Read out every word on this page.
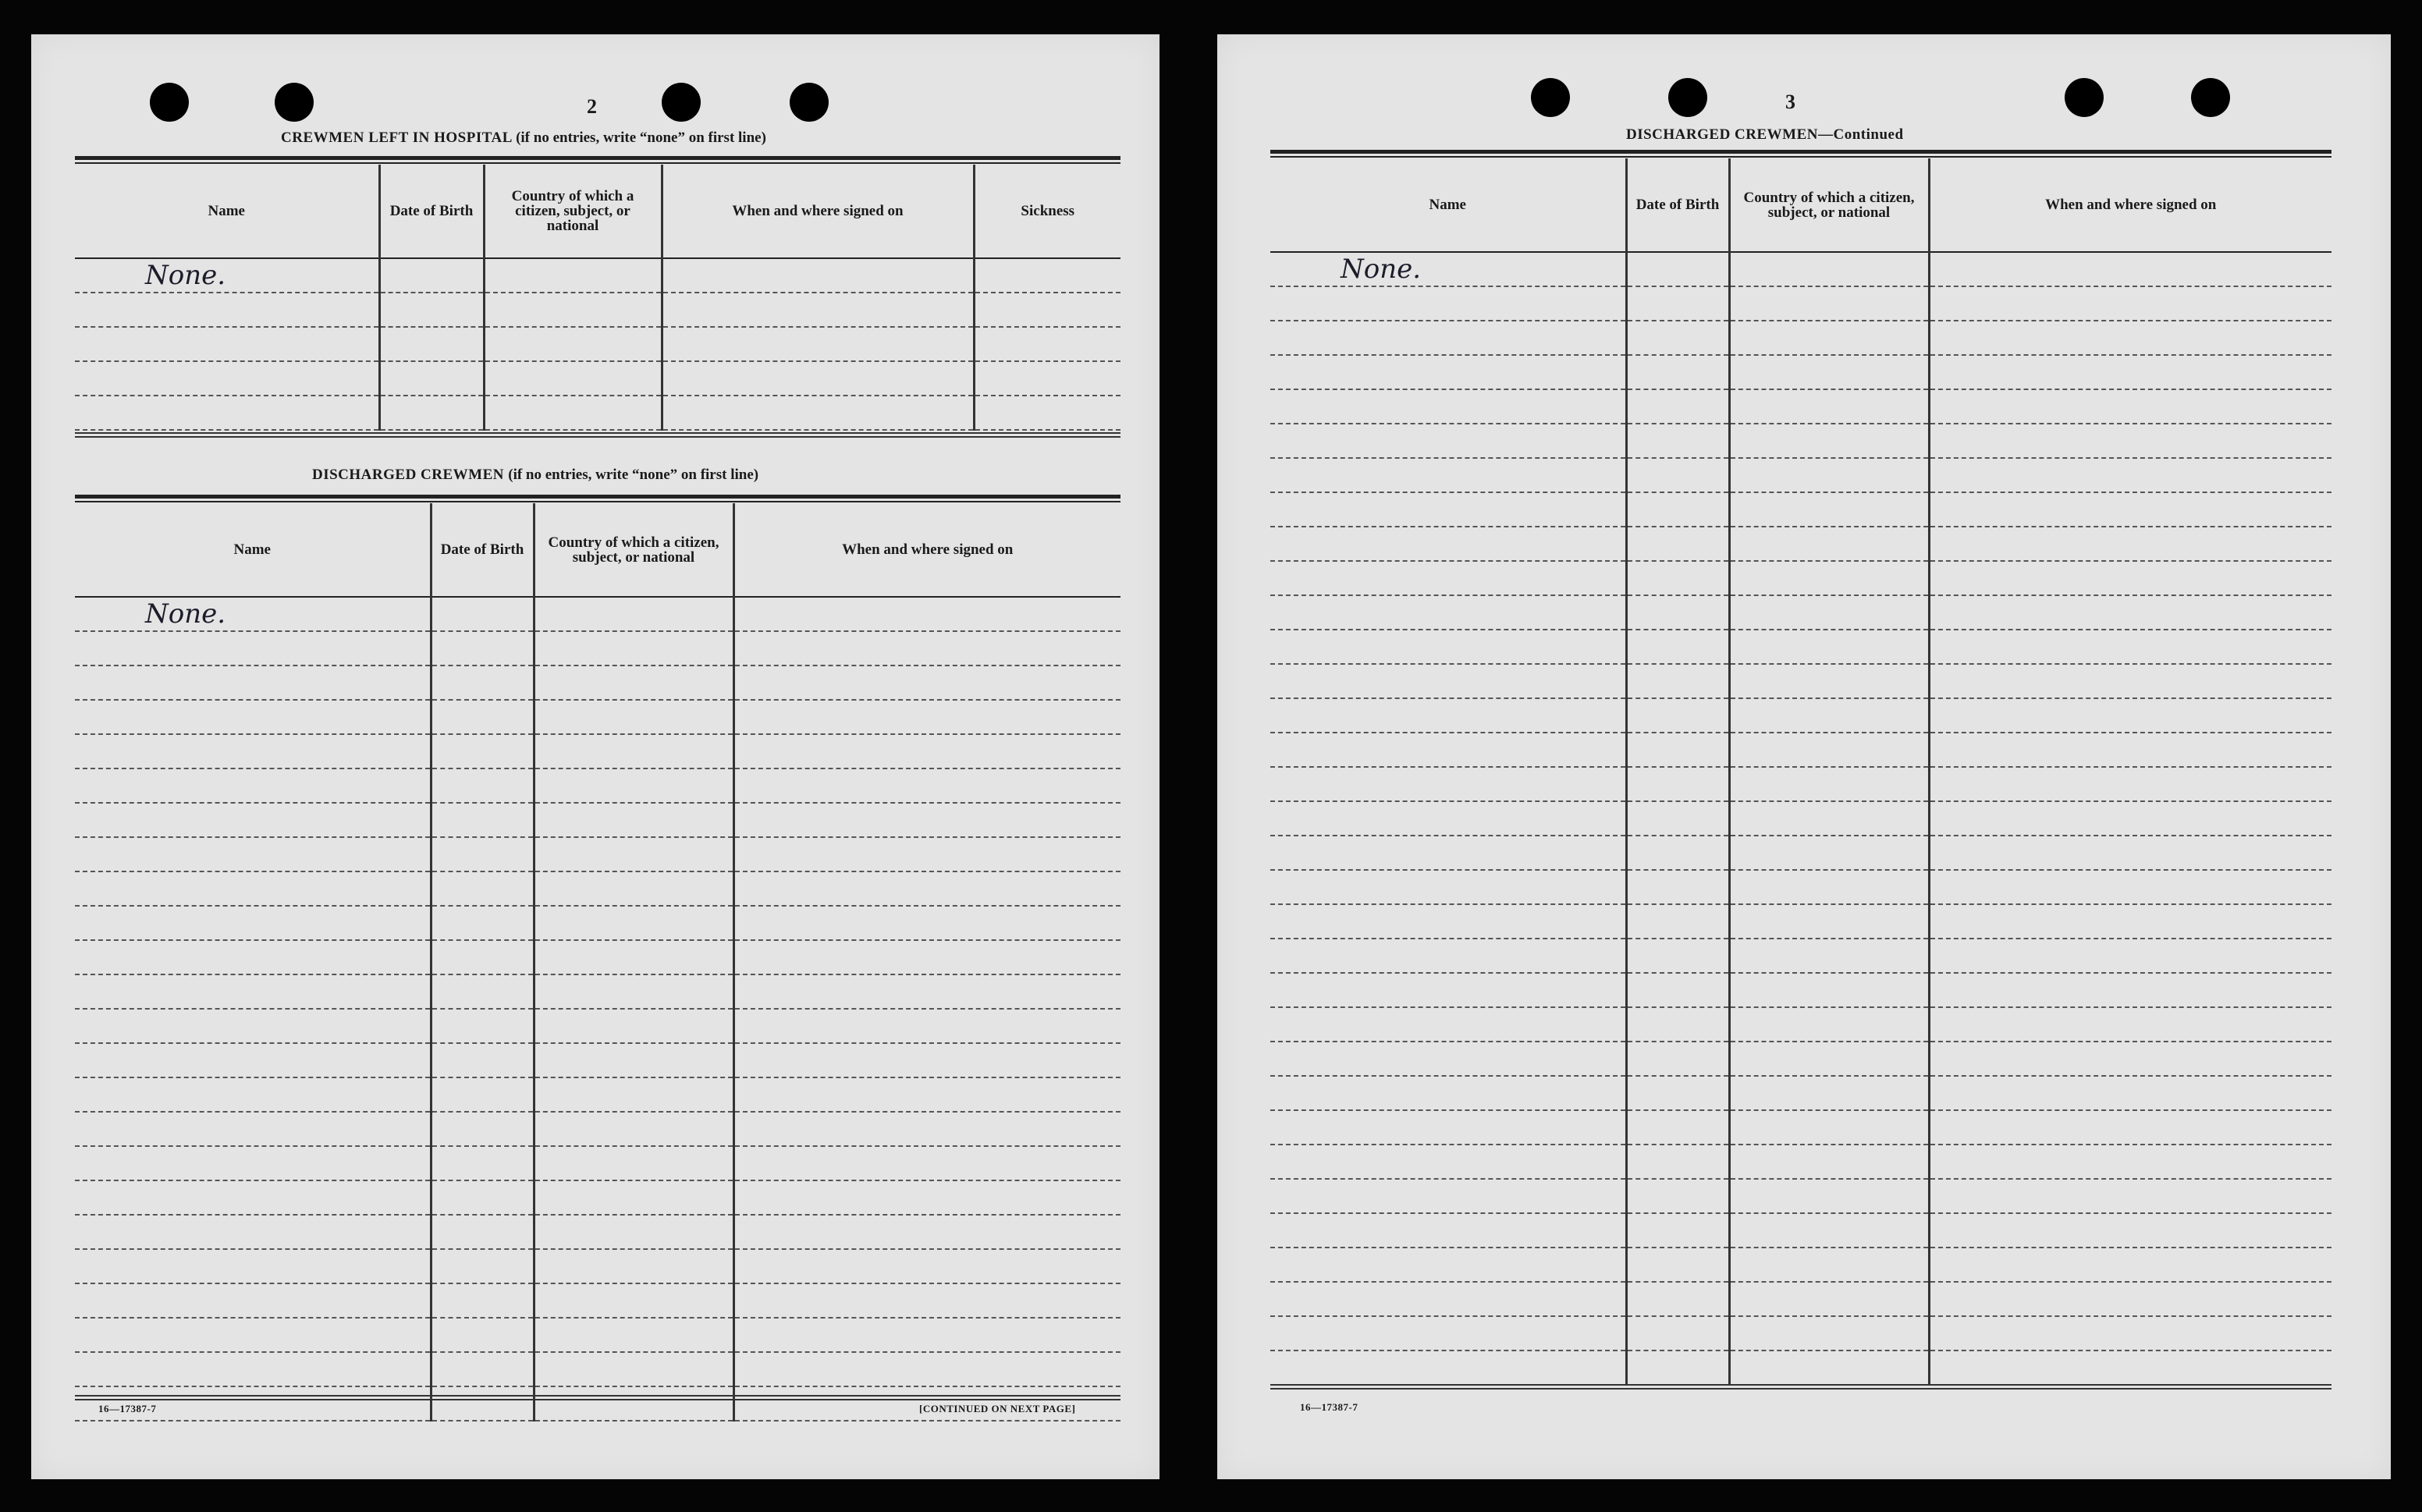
2
CREWMEN LEFT IN HOSPITAL (if no entries, write “none” on first line)
Name	Date of Birth	Country of which a citizen, subject, or national	When and where signed on	Sickness
None.				

DISCHARGED CREWMEN (if no entries, write “none” on first line)
Name	Date of Birth	Country of which a citizen, subject, or national	When and where signed on
None.			

16—17387-7	[CONTINUED ON NEXT PAGE]
3
DISCHARGED CREWMEN—Continued
Name	Date of Birth	Country of which a citizen, subject, or national	When and where signed on
None.			

16—17387-7
